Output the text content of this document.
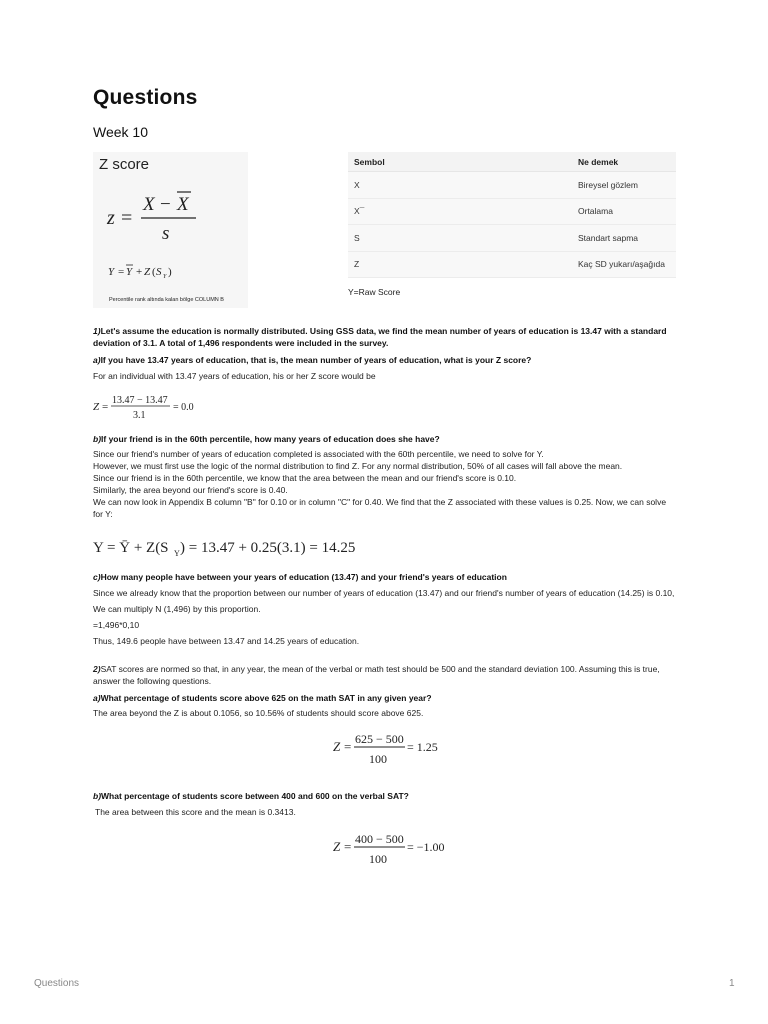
Questions
Week 10
Z score
z =
X − X
s
Y = Y + Z ( S Y )
Percentile rank altında kalan bölge COLUMN B
Sembol	Ne demek
X	Bireysel gözlem
X¯	Ortalama
S	Standart sapma
Z	Kaç SD yukarı/aşağıda
Y=Raw Score

1)Let's assume the education is normally distributed. Using GSS data, we find the mean number of years of education is 13.47 with a standard deviation of 3.1. A total of 1,496 respondents were included in the survey.

a)If you have 13.47 years of education, that is, the mean number of years of education, what is your Z score?

For an individual with 13.47 years of education, his or her Z score would be

Z =
13.47 − 13.47
3.1
= 0.0

b)If your friend is in the 60th percentile, how many years of education does she have?

Since our friend's number of years of education completed is associated with the 60th percentile, we need to solve for Y.
However, we must first use the logic of the normal distribution to find Z. For any normal distribution, 50% of all cases will fall above the mean.
Since our friend is in the 60th percentile, we know that the area between the mean and our friend's score is 0.10.
Similarly, the area beyond our friend's score is 0.40.
We can now look in Appendix B column "B" for 0.10 or in column "C" for 0.40. We find that the Z associated with these values is 0.25. Now, we can solve for Y:
Y = Ȳ + Z(S Y ) = 13.47 + 0.25(3.1) = 14.25

c)How many people have between your years of education (13.47) and your friend's years of education

Since we already know that the proportion between our number of years of education (13.47) and our friend's number of years of education (14.25) is 0.10,
We can multiply N (1,496) by this proportion.
=1,496*0,10
Thus, 149.6 people have between 13.47 and 14.25 years of education.

2)SAT scores are normed so that, in any year, the mean of the verbal or math test should be 500 and the standard deviation 100. Assuming this is true, answer the following questions.

a)What percentage of students score above 625 on the math SAT in any given year?

The area beyond the Z is about 0.1056, so 10.56% of students should score above 625.

Z = 625 − 500
100
= 1.25

b)What percentage of students score between 400 and 600 on the verbal SAT?

The area between this score and the mean is 0.3413.

Z = 400 − 500
100
= −1.00
Questions	1
